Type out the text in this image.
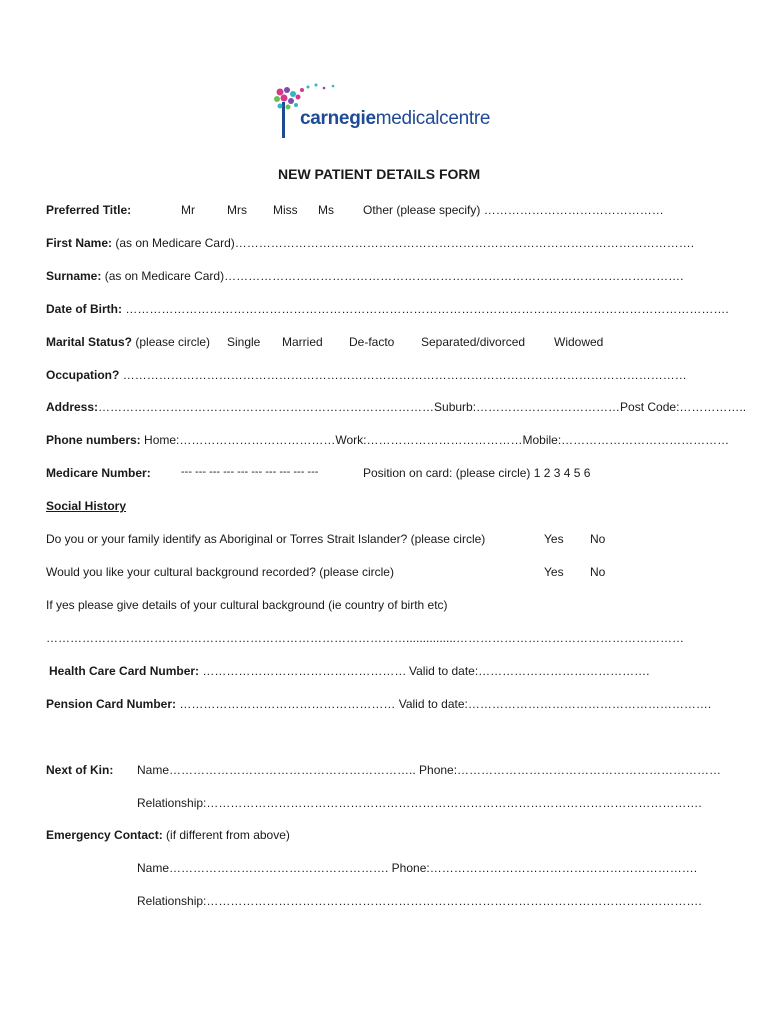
carnegiemedicalcentre
NEW PATIENT DETAILS FORM
Preferred Title:	Mr	Mrs Miss Ms Other (please specify) ………………………………………
First Name: (as on Medicare Card)…………………………………………………………………………………………………….
Surname: (as on Medicare Card)…………………………………………………………………………………………………….
Date of Birth: …………………………………………………………………………………………………………………………………….
Marital Status? (please circle) Single Married De-facto Separated/divorced Widowed
Occupation? ……………………………………………………………………………………………………………………………
Address:…………………………………………………………………………Suburb:………………………………Post Code:……………..
Phone numbers: Home:…………………………………Work:…………………………………Mobile:……………………………………
Medicare Number:	--- --- --- --- --- --- --- --- --- ---	Position on card: (please circle) 1 2 3 4 5 6
Social History
Do you or your family identify as Aboriginal or Torres Strait Islander? (please circle)	Yes No
Would you like your cultural background recorded? (please circle)	Yes No
If yes please give details of your cultural background (ie country of birth etc)
………………………………………………………………………………...............…………………………………………………
Health Care Card Number: …………………………………………… Valid to date:…………………………………….
Pension Card Number: ……………………………………………… Valid to date:…………………………………………………….
Next of Kin: Name…………………………………………………….. Phone:…………………………………………………………
Relationship:…………………………………………………………………………………………………………….
Emergency Contact: (if different from above)
Name………………………………………………. Phone:………………………………………………………….
Relationship:…………………………………………………………………………………………………………….
